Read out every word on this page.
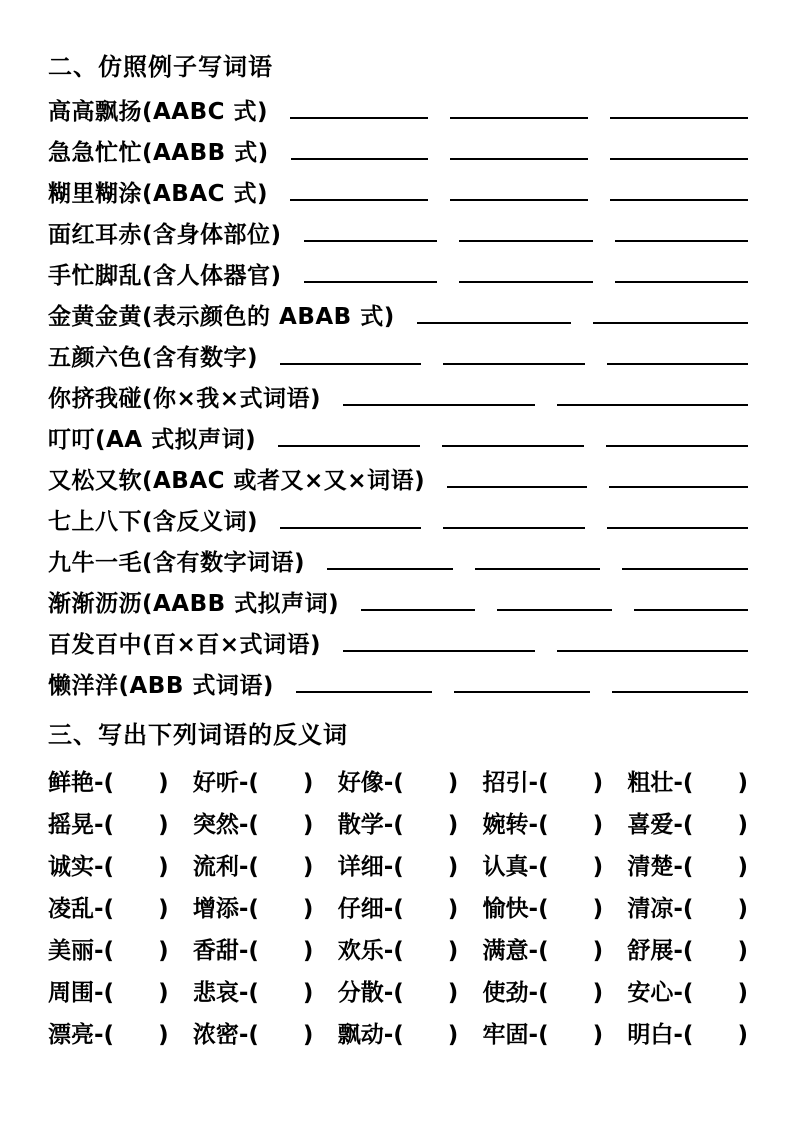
二、仿照例子写词语
高高飘扬(AABC 式)
急急忙忙(AABB 式)
糊里糊涂(ABAC 式)
面红耳赤(含身体部位)
手忙脚乱(含人体器官)
金黄金黄(表示颜色的 ABAB 式)
五颜六色(含有数字)
你挤我碰(你×我×式词语)
叮叮(AA 式拟声词)
又松又软(ABAC 或者又×又×词语)
七上八下(含反义词)
九牛一毛(含有数字词语)
渐渐沥沥(AABB 式拟声词)
百发百中(百×百×式词语)
懒洋洋(ABB 式词语)
三、写出下列词语的反义词
鲜艳 -( ) 好听 -( ) 好像 -( ) 招引 -( ) 粗壮 -( )
摇晃 -( ) 突然 -( ) 散学 -( ) 婉转 -( ) 喜爱 -( )
诚实 -( ) 流利 -( ) 详细 -( ) 认真 -( ) 清楚 -( )
凌乱 -( ) 增添 -( ) 仔细 -( ) 愉快 -( ) 清凉 -( )
美丽 -( ) 香甜 -( ) 欢乐 -( ) 满意 -( ) 舒展 -( )
周围 -( ) 悲哀 -( ) 分散 -( ) 使劲 -( ) 安心 -( )
漂亮 -( ) 浓密 -( ) 飘动 -( ) 牢固 -( ) 明白 -( )
